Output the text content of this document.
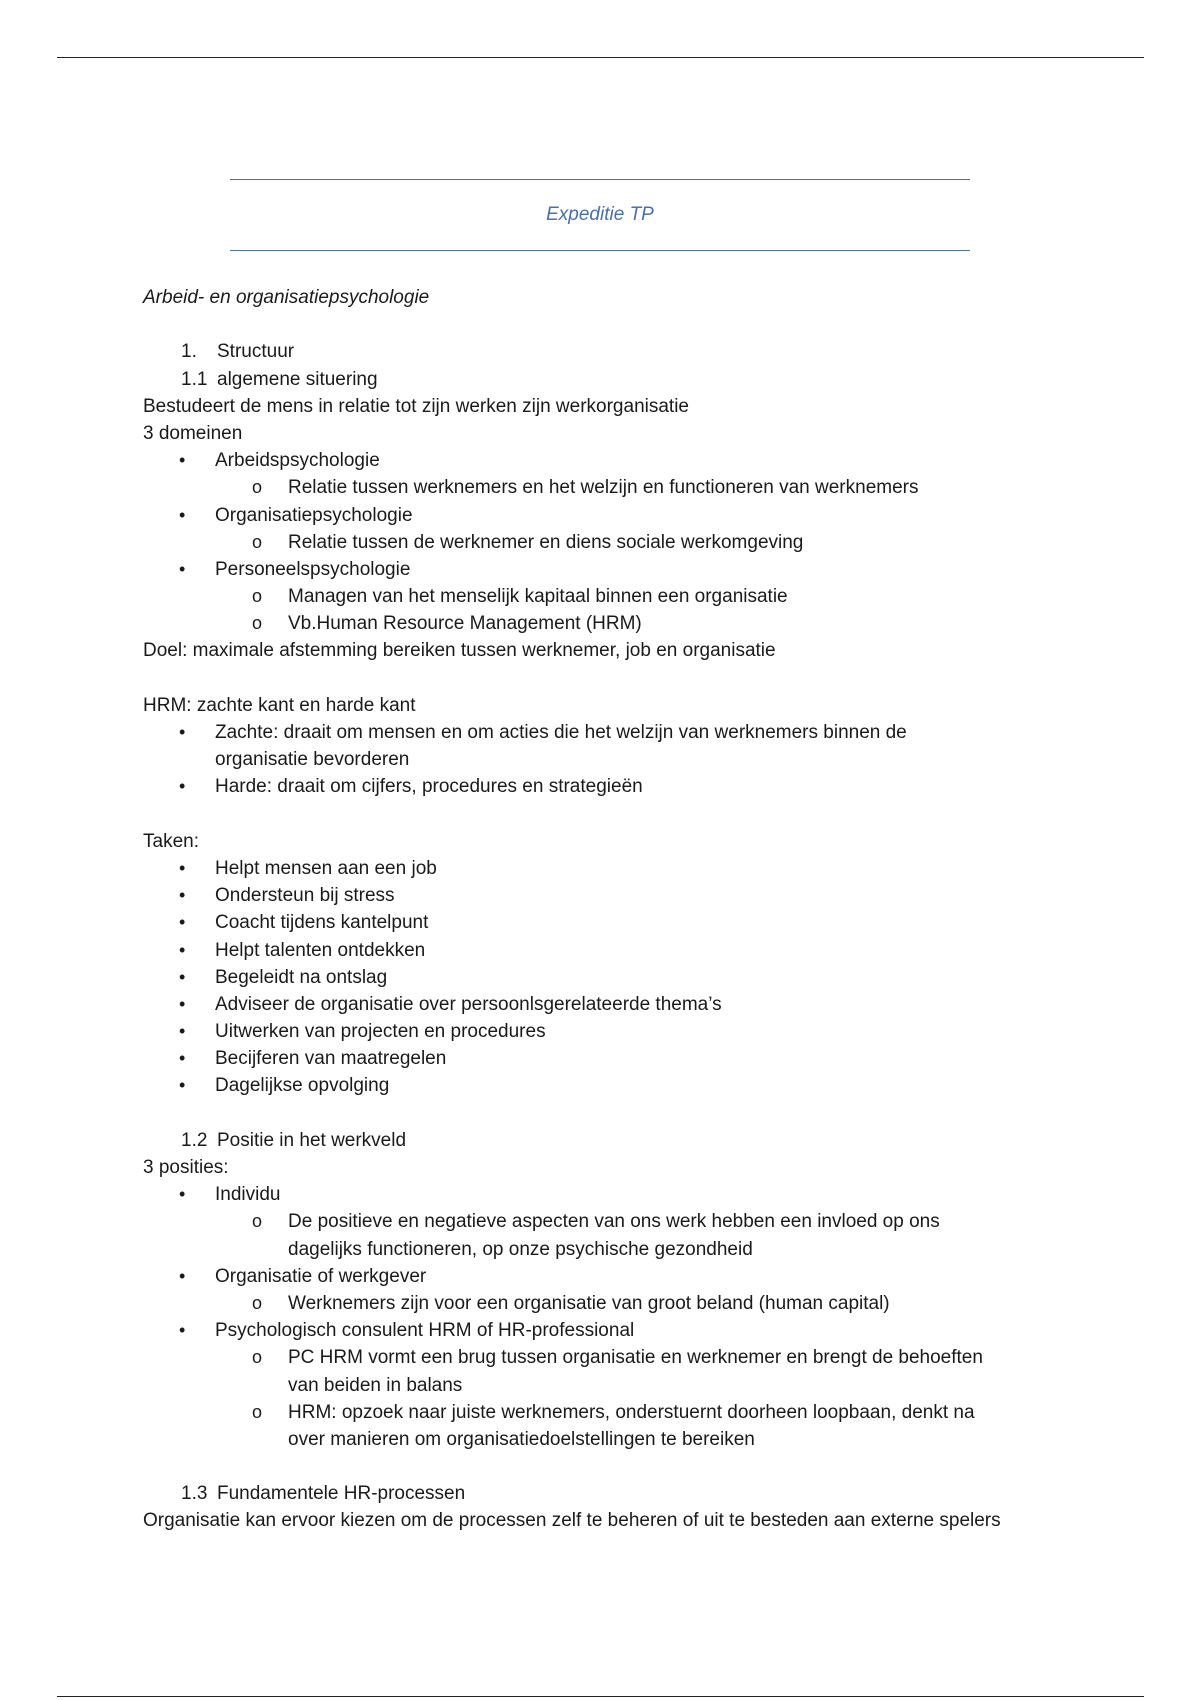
Expeditie TP
Arbeid- en organisatiepsychologie
1. Structuur
1.1 algemene situering
Bestudeert de mens in relatie tot zijn werken zijn werkorganisatie
3 domeinen
• Arbeidspsychologie
o Relatie tussen werknemers en het welzijn en functioneren van werknemers
• Organisatiepsychologie
o Relatie tussen de werknemer en diens sociale werkomgeving
• Personeelspsychologie
o Managen van het menselijk kapitaal binnen een organisatie
o Vb.Human Resource Management (HRM)
Doel: maximale afstemming bereiken tussen werknemer, job en organisatie
HRM: zachte kant en harde kant
• Zachte: draait om mensen en om acties die het welzijn van werknemers binnen de
organisatie bevorderen
• Harde: draait om cijfers, procedures en strategieën
Taken:
• Helpt mensen aan een job
• Ondersteun bij stress
• Coacht tijdens kantelpunt
• Helpt talenten ontdekken
• Begeleidt na ontslag
• Adviseer de organisatie over persoonlsgerelateerde thema’s
• Uitwerken van projecten en procedures
• Becijferen van maatregelen
• Dagelijkse opvolging
1.2 Positie in het werkveld
3 posities:
• Individu
o De positieve en negatieve aspecten van ons werk hebben een invloed op ons
dagelijks functioneren, op onze psychische gezondheid
• Organisatie of werkgever
o Werknemers zijn voor een organisatie van groot beland (human capital)
• Psychologisch consulent HRM of HR-professional
o PC HRM vormt een brug tussen organisatie en werknemer en brengt de behoeften
van beiden in balans
o HRM: opzoek naar juiste werknemers, onderstuernt doorheen loopbaan, denkt na
over manieren om organisatiedoelstellingen te bereiken
1.3 Fundamentele HR-processen
Organisatie kan ervoor kiezen om de processen zelf te beheren of uit te besteden aan externe spelers
